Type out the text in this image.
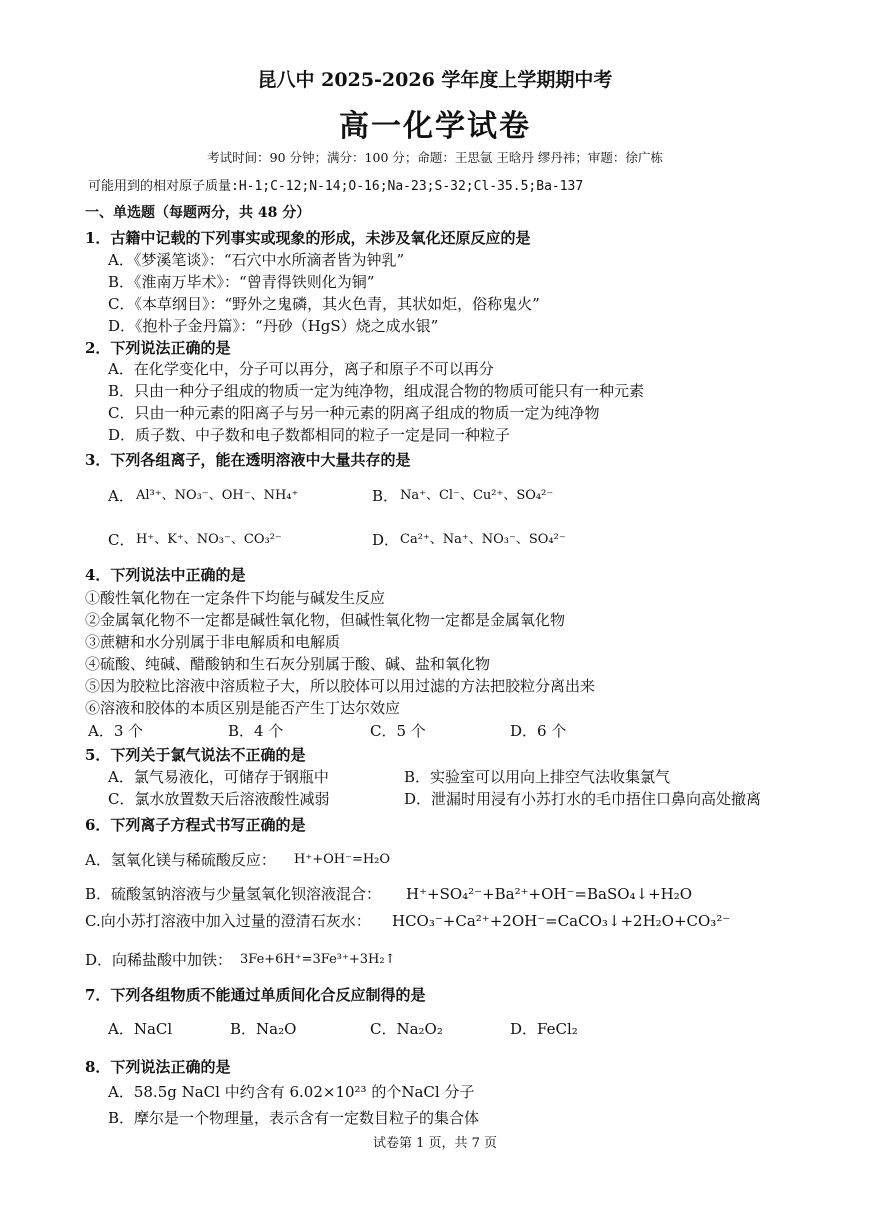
昆八中 2025-2026 学年度上学期期中考
高一化学试卷
考试时间：90 分钟；满分：100 分；命题：王思氩 王晗丹 缪丹祎；审题：徐广栋
可能用到的相对原子质量:H-1;C-12;N-14;O-16;Na-23;S-32;Cl-35.5;Ba-137
一、单选题（每题两分，共 48 分）
1．古籍中记载的下列事实或现象的形成，未涉及氧化还原反应的是
A．《梦溪笔谈》：“石穴中水所滴者皆为钟乳”
B．《淮南万毕术》：“曾青得铁则化为铜”
C．《本草纲目》：“野外之鬼磷，其火色青，其状如炬，俗称鬼火”
D．《抱朴子金丹篇》：“丹砂（HgS）烧之成水银”
2．下列说法正确的是
A．在化学变化中，分子可以再分，离子和原子不可以再分
B．只由一种分子组成的物质一定为纯净物，组成混合物的物质可能只有一种元素
C．只由一种元素的阳离子与另一种元素的阴离子组成的物质一定为纯净物
D．质子数、中子数和电子数都相同的粒子一定是同一种粒子
3．下列各组离子，能在透明溶液中大量共存的是
A． Al³⁺、NO₃⁻、OH⁻、NH₄⁺	B． Na⁺、Cl⁻、Cu²⁺、SO₄²⁻
C． H⁺、K⁺、NO₃⁻、CO₃²⁻	D． Ca²⁺、Na⁺、NO₃⁻、SO₄²⁻
4．下列说法中正确的是
①酸性氧化物在一定条件下均能与碱发生反应
②金属氧化物不一定都是碱性氧化物，但碱性氧化物一定都是金属氧化物
③蔗糖和水分别属于非电解质和电解质
④硫酸、纯碱、醋酸钠和生石灰分别属于酸、碱、盐和氧化物
⑤因为胶粒比溶液中溶质粒子大，所以胶体可以用过滤的方法把胶粒分离出来
⑥溶液和胶体的本质区别是能否产生丁达尔效应
A．3 个	B．4 个	C．5 个	D．6 个
5．下列关于氯气说法不正确的是
A．氯气易液化，可储存于钢瓶中	B．实验室可以用向上排空气法收集氯气
C．氯水放置数天后溶液酸性减弱	D．泄漏时用浸有小苏打水的毛巾捂住口鼻向高处撤离
6．下列离子方程式书写正确的是
A．氢氧化镁与稀硫酸反应： H⁺+OH⁻=H₂O
B．硫酸氢钠溶液与少量氢氧化钡溶液混合： H⁺+SO₄²⁻+Ba²⁺+OH⁻=BaSO₄↓+H₂O
C.向小苏打溶液中加入过量的澄清石灰水： HCO₃⁻+Ca²⁺+2OH⁻=CaCO₃↓+2H₂O+CO₃²⁻
D．向稀盐酸中加铁： 3Fe+6H⁺=3Fe³⁺+3H₂↑
7．下列各组物质不能通过单质间化合反应制得的是
A．NaCl	B．Na₂O	C．Na₂O₂	D．FeCl₂
8．下列说法正确的是
A．58.5g NaCl 中约含有 6.02×10²³ 的个NaCl 分子
B．摩尔是一个物理量，表示含有一定数目粒子的集合体
试卷第 1 页，共 7 页
